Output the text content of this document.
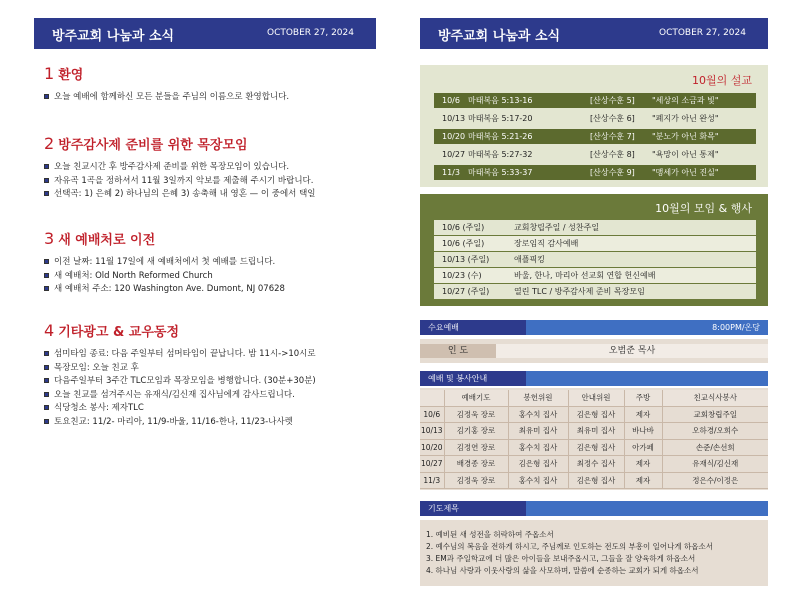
방주교회 나눔과 소식	OCTOBER 27, 2024	방주교회 나눔과 소식	OCTOBER 27, 2024
1 환영
오늘 예배에 함께하신 모든 분들을 주님의 이름으로 환영합니다.
2 방주감사제 준비를 위한 목장모임
오늘 친교시간 후 방주감사제 준비를 위한 목장모임이 있습니다.
자유곡 1곡을 정하셔서 11월 3일까지 악보를 제출해 주시기 바랍니다.
선택곡: 1) 은혜 2) 하나님의 은혜 3) 송축해 내 영혼 — 이 중에서 택일
3 새 예배처로 이전
이전 날짜: 11월 17일에 새 예배처에서 첫 예배를 드립니다.
새 예배처: Old North Reformed Church
새 예배처 주소: 120 Washington Ave. Dumont, NJ 07628
4 기타광고 & 교우동정
섬미타임 종료: 다음 주일부터 섬머타임이 끝납니다. 밤 11시->10시로
목장모임: 오늘 친교 후
다음주일부터 3주간 TLC모임과 목장모임을 병행합니다. (30분+30분)
오늘 친교를 섬겨주시는 유재식/김신재 집사님에게 감사드립니다.
식당청소 봉사: 제자TLC
토요친교: 11/2- 마리아, 11/9-바울, 11/16-한나, 11/23-나사렛
10월의 설교
10/6 마태복음 5:13-16	[산상수훈 5] "세상의 소금과 빛"
10/13 마태복음 5:17-20	[산상수훈 6] "폐지가 아닌 완성"
10/20 마태복음 5:21-26	[산상수훈 7] "분노가 아닌 화목"
10/27 마태복음 5:27-32	[산상수훈 8] "욕망이 아닌 통제"
11/3 마태복음 5:33-37	[산상수훈 9] "맹세가 아닌 진실"
10월의 모임 & 행사
10/6 (주일)	교회창립주일 / 성찬주일
10/6 (주일)	장로임직 감사예배
10/13 (주일)	애플픽킹
10/23 (수)	바울, 한나, 마리아 선교회 연합 헌신예배
10/27 (주일)	열린 TLC / 방주감사제 준비 목장모임
수요예배	8:00PM/온당
인 도	오범준 목사
예배 및 봉사안내
	예배기도	봉헌위원	안내위원	주방	친교식사봉사
10/6	김정욱 장로	홍수치 집사	김은형 집사	제자	교회창립주일
10/13	김기홍 장로	최유미 집사	최유미 집사	바나바	오하경/오희수
10/20	김정연 장로	홍수치 집사	김은형 집사	아가페	손준/손선희
10/27	배경종 장로	김은형 집사	최정수 집사	제자	유재식/김신재
11/3	김정욱 장로	홍수치 집사	김은형 집사	제자	정은수/이정은
기도제목
1. 예비된 새 성전을 허락하여 주옵소서
2. 예수님의 복음을 전하게 하시고, 주님께로 인도하는 전도의 부흥이 일어나게 하옵소서
3. EM과 주일학교에 더 많은 아이들을 보내주옵시고, 그들을 잘 양육하게 하옵소서
4. 하나님 사랑과 이웃사랑의 삶을 사모하며, 말씀에 순종하는 교회가 되게 하옵소서
